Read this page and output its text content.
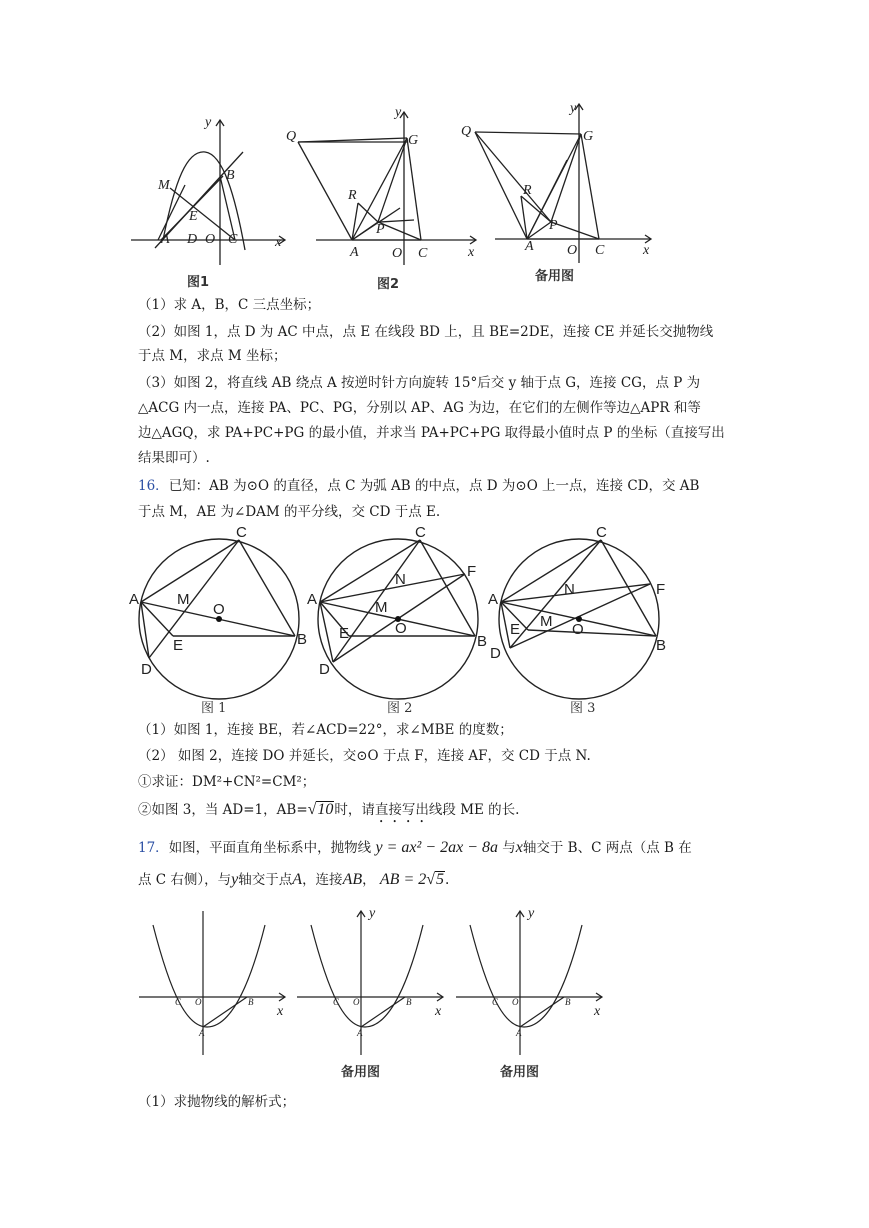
y
x
M
B
E
A D O C
图1
y
x
Q	G
R
P
A O C
图2
y
x
Q	G
R
P
A O C
备用图
（1）求 A，B，C 三点坐标；
（2）如图 1，点 D 为 AC 中点，点 E 在线段 BD 上，且 BE=2DE，连接 CE 并延长交抛物线
于点 M，求点 M 坐标；
（3）如图 2，将直线 AB 绕点 A 按逆时针方向旋转 15°后交 y 轴于点 G，连接 CG，点 P 为
△ACG 内一点，连接 PA、PC、PG，分别以 AP、AG 为边，在它们的左侧作等边△APR 和等
边△AGQ，求 PA+PC+PG 的最小值，并求当 PA+PC+PG 取得最小值时点 P 的坐标（直接写出
结果即可）.
16．已知：AB 为⊙O 的直径，点 C 为弧 AB 的中点，点 D 为⊙O 上一点，连接 CD，交 AB
于点 M，AE 为∠DAM 的平分线，交 CD 于点 E.
C
A	M
O
E	B
D
图 1
C
F
N
A	M
E	O
B
D
图 2
C
N	F
A
E M O
B
D
图 3
（1）如图 1，连接 BE，若∠ACD=22°，求∠MBE 的度数；
（2） 如图 2，连接 DO 并延长，交⊙O 于点 F，连接 AF，交 CD 于点 N.
①求证：DM²+CN²=CM²；
②如图 3，当 AD=1，AB=√10时，请直接写出线段 ME 的长.
17．如图，平面直角坐标系中，抛物线 y = ax² − 2ax − 8a 与x轴交于 B、C 两点（点 B 在
点 C 右侧），与y轴交于点A，连接AB， AB = 2√5.
C O	B
A
x
y
C O	B
A
x
备用图
y
C O	B
A
x
备用图
（1）求抛物线的解析式；
